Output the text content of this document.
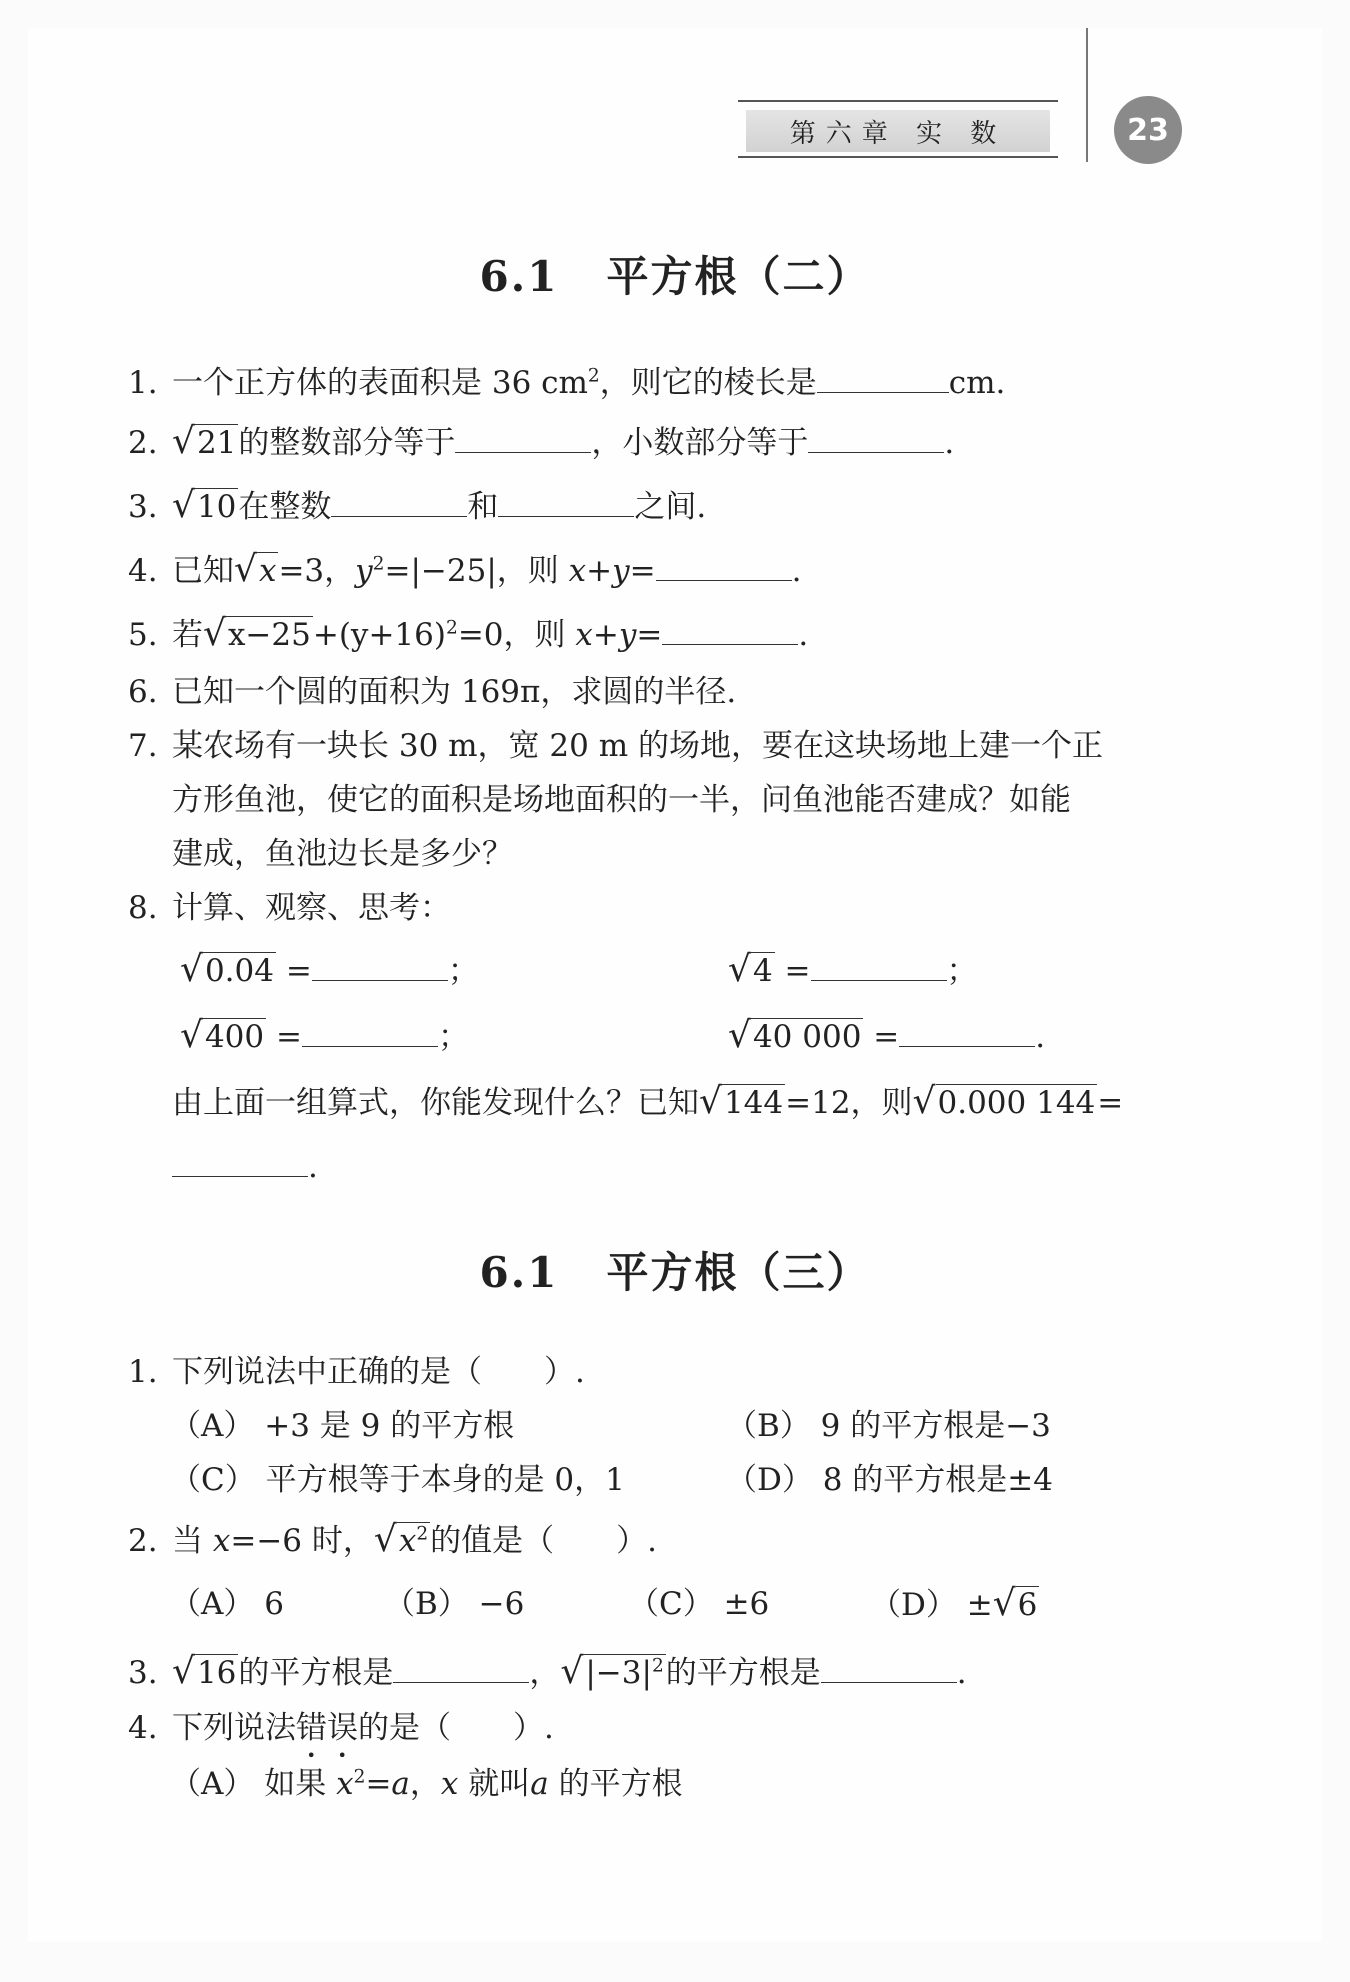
第六章 实 数	23
6.1 平方根（二）
1. 一个正方体的表面积是 36 $cm^2$，则它的棱长是	cm.
2. √21的整数部分等于	，小数部分等于	.
3. √10在整数	和	之间.
4. 已知√x=3，$y^2=|-25|$，则 x+y=	.
5. 若$√x-25+(y+16)^2=0$，则 x+y=	.
6. 已知一个圆的面积为 169π，求圆的半径.
7. 某农场有一块长 30 m，宽 20 m 的场地，要在这块场地上建一个正
方形鱼池，使它的面积是场地面积的一半，问鱼池能否建成？如能
建成，鱼池边长是多少？
8. 计算、观察、思考：
√0.04 =	；	√4 =	；
√400 =	；	√40 000 =	.
由上面一组算式，你能发现什么？已知√144=12，则√0.000 144=
.
6.1 平方根（三）
1. 下列说法中正确的是（　　）.
（A） +3 是 9 的平方根	（B） 9 的平方根是−3
（C） 平方根等于本身的是 0，1	（D） 8 的平方根是±4
2. 当 x=−6 时，$√x^2$的值是（　　）.
（A） 6	（B） −6	（C） ±6	（D） ±√6
3. √16的平方根是	，$√|-3|^2$的平方根是	.
4. 下列说法错误的是（　　）.
（A） 如果 $x^2=a$，x 就叫a 的平方根
